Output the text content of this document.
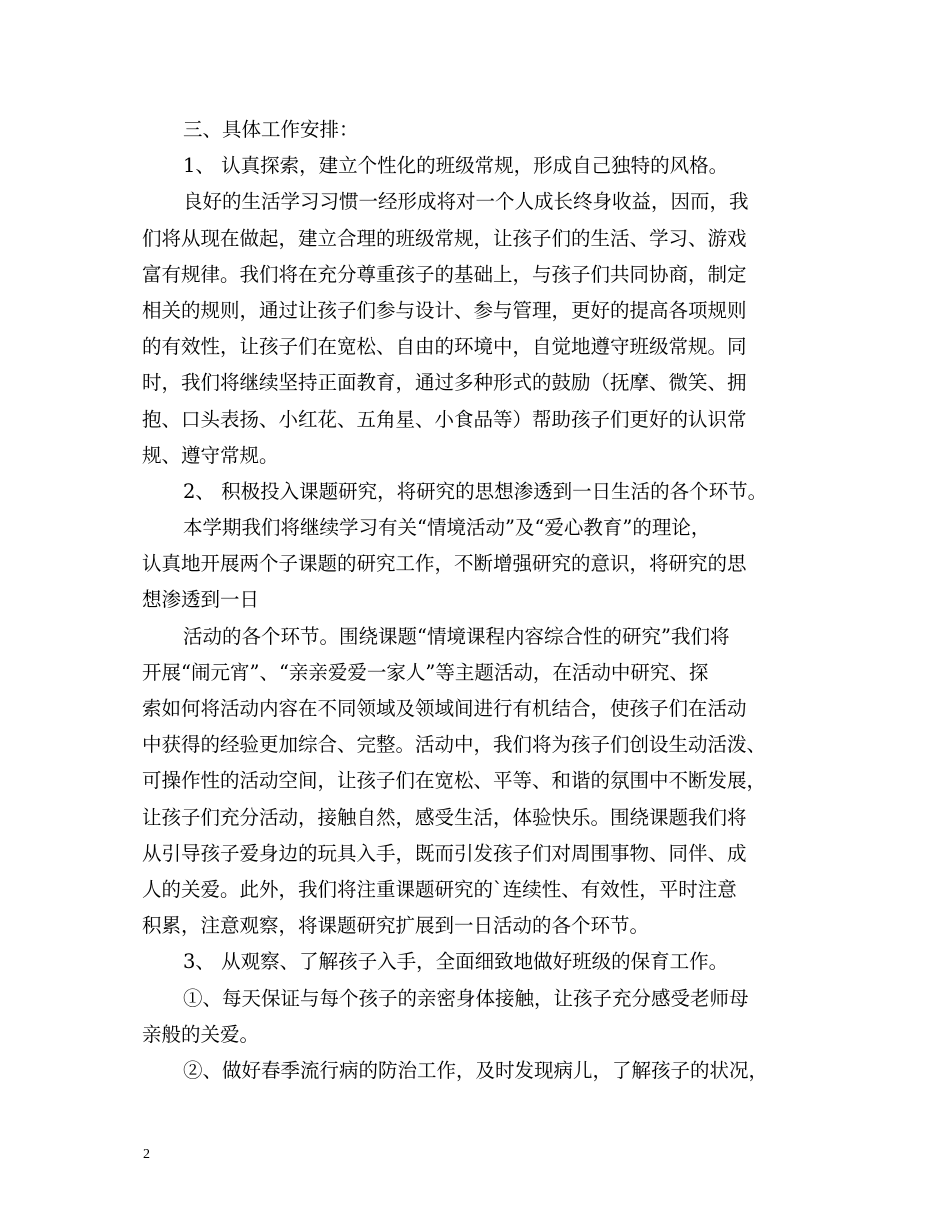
三、具体工作安排：
1、 认真探索，建立个性化的班级常规，形成自己独特的风格。
良好的生活学习习惯一经形成将对一个人成长终身收益，因而，我
们将从现在做起，建立合理的班级常规，让孩子们的生活、学习、游戏
富有规律。我们将在充分尊重孩子的基础上，与孩子们共同协商，制定
相关的规则，通过让孩子们参与设计、参与管理，更好的提高各项规则
的有效性，让孩子们在宽松、自由的环境中，自觉地遵守班级常规。同
时，我们将继续坚持正面教育，通过多种形式的鼓励（抚摩、微笑、拥
抱、口头表扬、小红花、五角星、小食品等）帮助孩子们更好的认识常
规、遵守常规。
2、 积极投入课题研究，将研究的思想渗透到一日生活的各个环节。
本学期我们将继续学习有关“情境活动”及“爱心教育”的理论，
认真地开展两个子课题的研究工作，不断增强研究的意识，将研究的思
想渗透到一日
活动的各个环节。围绕课题“情境课程内容综合性的研究”我们将
开展“闹元宵”、“亲亲爱爱一家人”等主题活动，在活动中研究、探
索如何将活动内容在不同领域及领域间进行有机结合，使孩子们在活动
中获得的经验更加综合、完整。活动中，我们将为孩子们创设生动活泼、
可操作性的活动空间，让孩子们在宽松、平等、和谐的氛围中不断发展，
让孩子们充分活动，接触自然，感受生活，体验快乐。围绕课题我们将
从引导孩子爱身边的玩具入手，既而引发孩子们对周围事物、同伴、成
人的关爱。此外，我们将注重课题研究的`连续性、有效性，平时注意
积累，注意观察，将课题研究扩展到一日活动的各个环节。
3、 从观察、了解孩子入手，全面细致地做好班级的保育工作。
①、每天保证与每个孩子的亲密身体接触，让孩子充分感受老师母
亲般的关爱。
②、做好春季流行病的防治工作，及时发现病儿，了解孩子的状况，
2
